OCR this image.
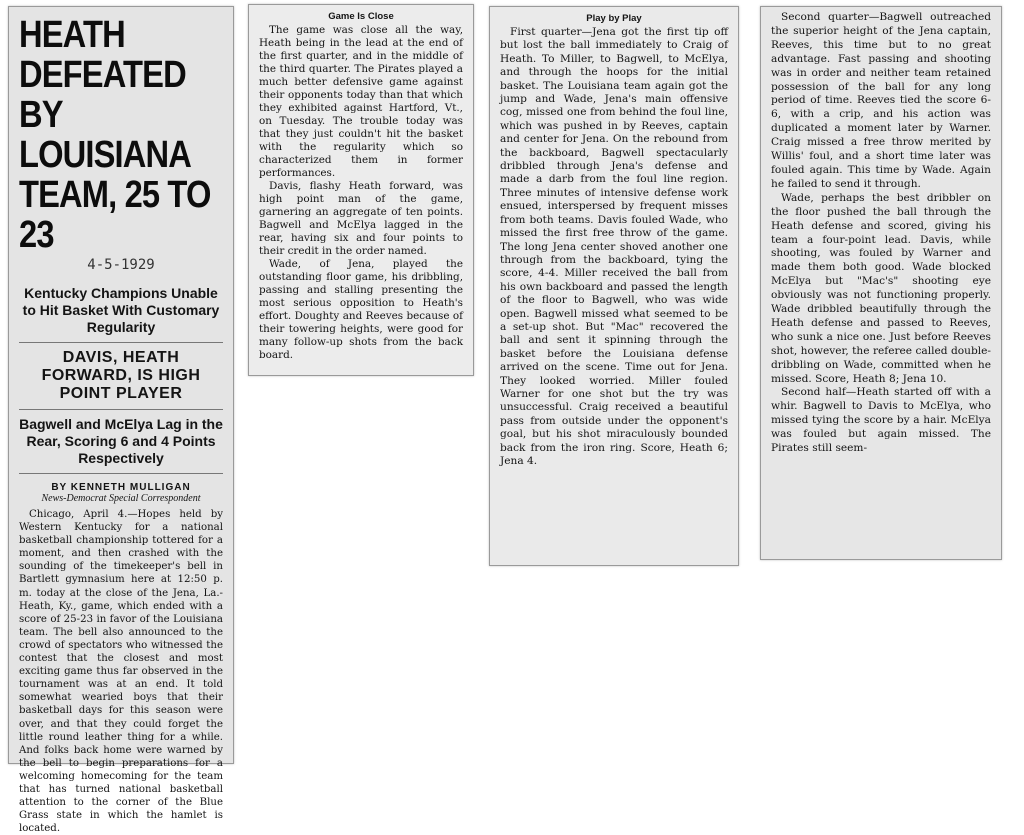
HEATH DEFEATED
BY LOUISIANA
TEAM, 25 TO 23
4-5-1929

Kentucky Champions Unable to Hit Basket With Customary Regularity

DAVIS, HEATH FORWARD, IS HIGH POINT PLAYER

Bagwell and McElya Lag in the Rear, Scoring 6 and 4 Points Respectively

BY KENNETH MULLIGAN

News-Democrat Special Correspondent

Chicago, April 4.—Hopes held by Western Kentucky for a national basketball championship tottered for a moment, and then crashed with the sounding of the timekeeper's bell in Bartlett gymnasium here at 12:50 p. m. today at the close of the Jena, La.-Heath, Ky., game, which ended with a score of 25-23 in favor of the Louisiana team. The bell also announced to the crowd of spectators who witnessed the contest that the closest and most exciting game thus far observed in the tournament was at an end. It told somewhat wearied boys that their basketball days for this season were over, and that they could forget the little round leather thing for a while. And folks back home were warned by the bell to begin preparations for a welcoming homecoming for the team that has turned national basketball attention to the corner of the Blue Grass state in which the hamlet is located.

Game Is Close

The game was close all the way, Heath being in the lead at the end of the first quarter, and in the middle of the third quarter. The Pirates played a much better defensive game against their opponents today than that which they exhibited against Hartford, Vt., on Tuesday. The trouble today was that they just couldn't hit the basket with the regularity which so characterized them in former performances.

Davis, flashy Heath forward, was high point man of the game, garnering an aggregate of ten points. Bagwell and McElya lagged in the rear, having six and four points to their credit in the order named.

Wade, of Jena, played the outstanding floor game, his dribbling, passing and stalling presenting the most serious opposition to Heath's effort. Doughty and Reeves because of their towering heights, were good for many follow-up shots from the back board.

Play by Play

First quarter—Jena got the first tip off but lost the ball immediately to Craig of Heath. To Miller, to Bagwell, to McElya, and through the hoops for the initial basket. The Louisiana team again got the jump and Wade, Jena's main offensive cog, missed one from behind the foul line, which was pushed in by Reeves, captain and center for Jena. On the rebound from the backboard, Bagwell spectacularly dribbled through Jena's defense and made a darb from the foul line region. Three minutes of intensive defense work ensued, interspersed by frequent misses from both teams. Davis fouled Wade, who missed the first free throw of the game. The long Jena center shoved another one through from the backboard, tying the score, 4-4. Miller received the ball from his own backboard and passed the length of the floor to Bagwell, who was wide open. Bagwell missed what seemed to be a set-up shot. But "Mac" recovered the ball and sent it spinning through the basket before the Louisiana defense arrived on the scene. Time out for Jena. They looked worried. Miller fouled Warner for one shot but the try was unsuccessful. Craig received a beautiful pass from outside under the opponent's goal, but his shot miraculously bounded back from the iron ring. Score, Heath 6; Jena 4.

Second quarter—Bagwell outreached the superior height of the Jena captain, Reeves, this time but to no great advantage. Fast passing and shooting was in order and neither team retained possession of the ball for any long period of time. Reeves tied the score 6-6, with a crip, and his action was duplicated a moment later by Warner. Craig missed a free throw merited by Willis' foul, and a short time later was fouled again. This time by Wade. Again he failed to send it through.

Wade, perhaps the best dribbler on the floor pushed the ball through the Heath defense and scored, giving his team a four-point lead. Davis, while shooting, was fouled by Warner and made them both good. Wade blocked McElya but "Mac's" shooting eye obviously was not functioning properly. Wade dribbled beautifully through the Heath defense and passed to Reeves, who sunk a nice one. Just before Reeves shot, however, the referee called double-dribbling on Wade, committed when he missed. Score, Heath 8; Jena 10.

Second half—Heath started off with a whir. Bagwell to Davis to McElya, who missed tying the score by a hair. McElya was fouled but again missed. The Pirates still seem-
